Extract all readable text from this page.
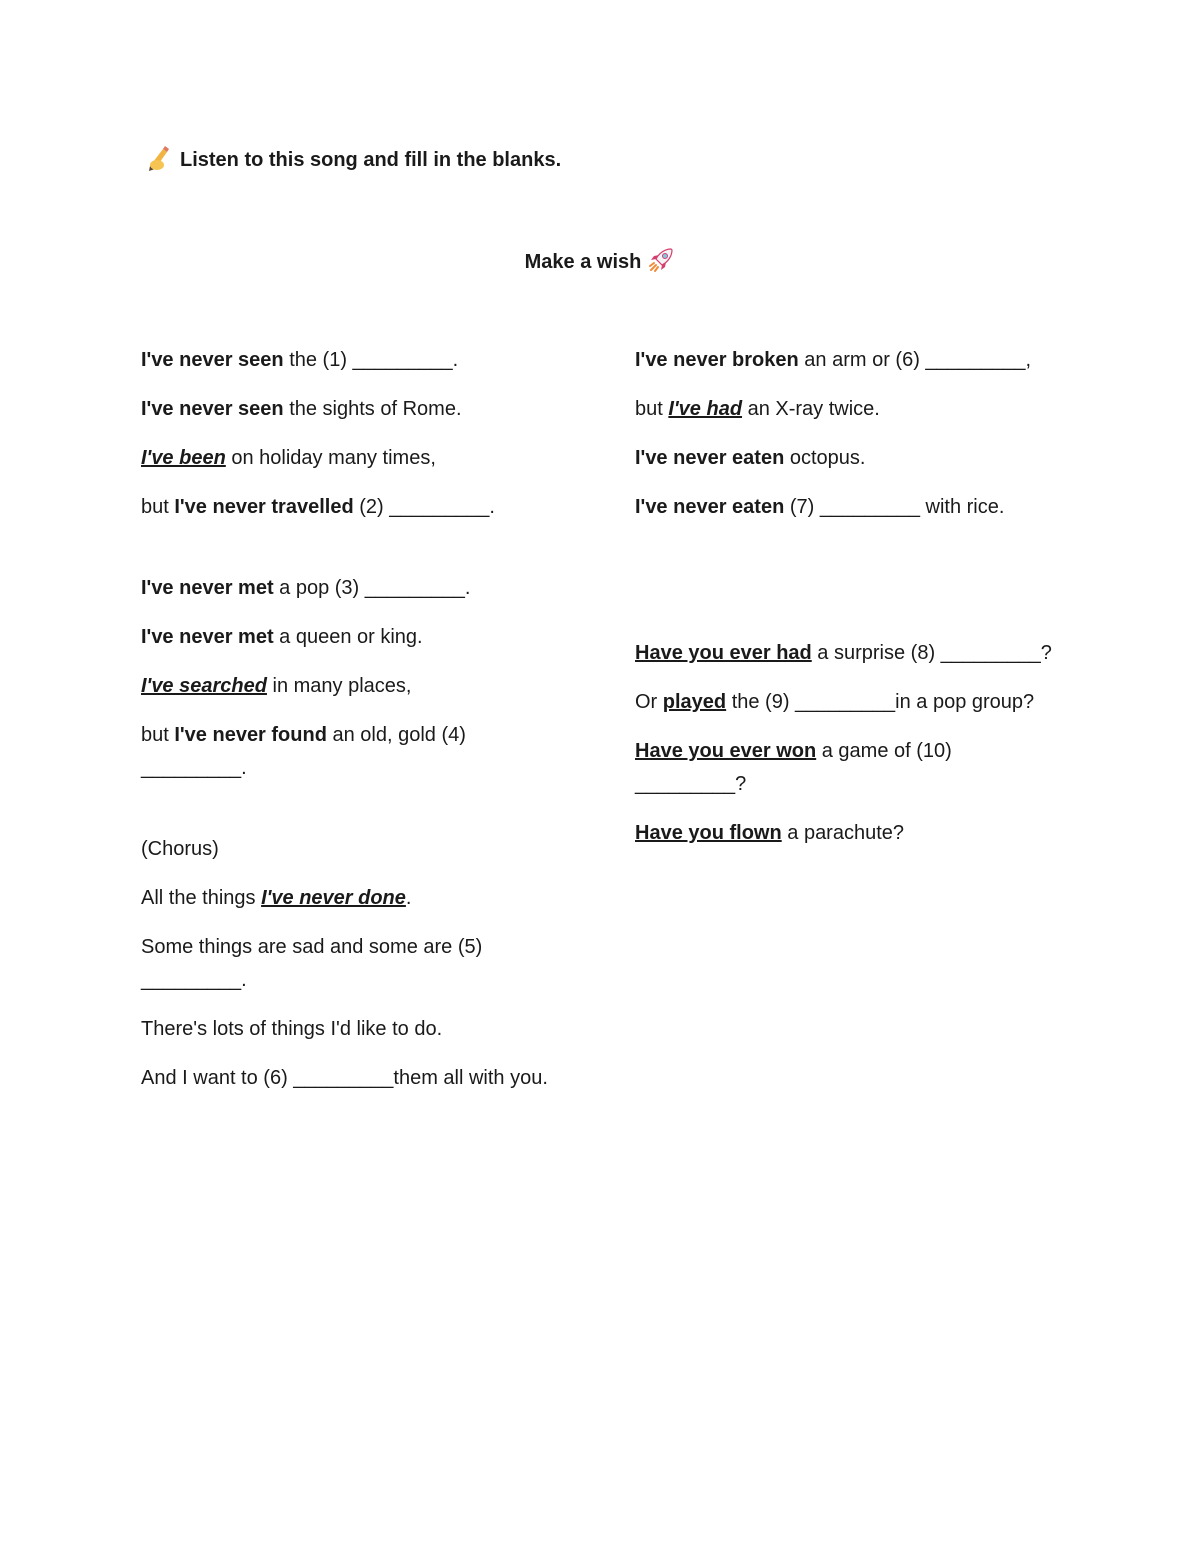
Listen to this song and fill in the blanks.
Make a wish
I've never seen the (1) _________.
I've never seen the sights of Rome.
I've been on holiday many times,
but I've never travelled (2) _________.
I've never met a pop (3) _________.
I've never met a queen or king.
I've searched in many places,
but I've never found an old, gold (4) _________.
(Chorus)
All the things I've never done.
Some things are sad and some are (5) _________.
There's lots of things I'd like to do.
And I want to (6) _________them all with you.
I've never broken an arm or (6) _________,
but I've had an X-ray twice.
I've never eaten octopus.
I've never eaten (7) _________ with rice.
Have you ever had a surprise (8) _________?
Or played the (9) _________in a pop group?
Have you ever won a game of (10) _________?
Have you flown a parachute?
